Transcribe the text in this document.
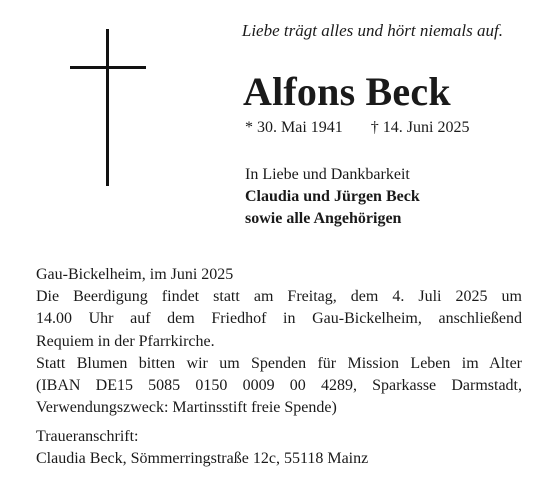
Liebe trägt alles und hört niemals auf.
Alfons Beck
* 30. Mai 1941 † 14. Juni 2025
In Liebe und Dankbarkeit
Claudia und Jürgen Beck
sowie alle Angehörigen
Gau-Bickelheim, im Juni 2025
Die Beerdigung findet statt am Freitag, dem 4. Juli 2025 um
14.00 Uhr auf dem Friedhof in Gau-Bickelheim, anschließend
Requiem in der Pfarrkirche.
Statt Blumen bitten wir um Spenden für Mission Leben im Alter
(IBAN DE15 5085 0150 0009 00 4289, Sparkasse Darmstadt,
Verwendungszweck: Martinsstift freie Spende)
Traueranschrift:
Claudia Beck, Sömmerringstraße 12c, 55118 Mainz
